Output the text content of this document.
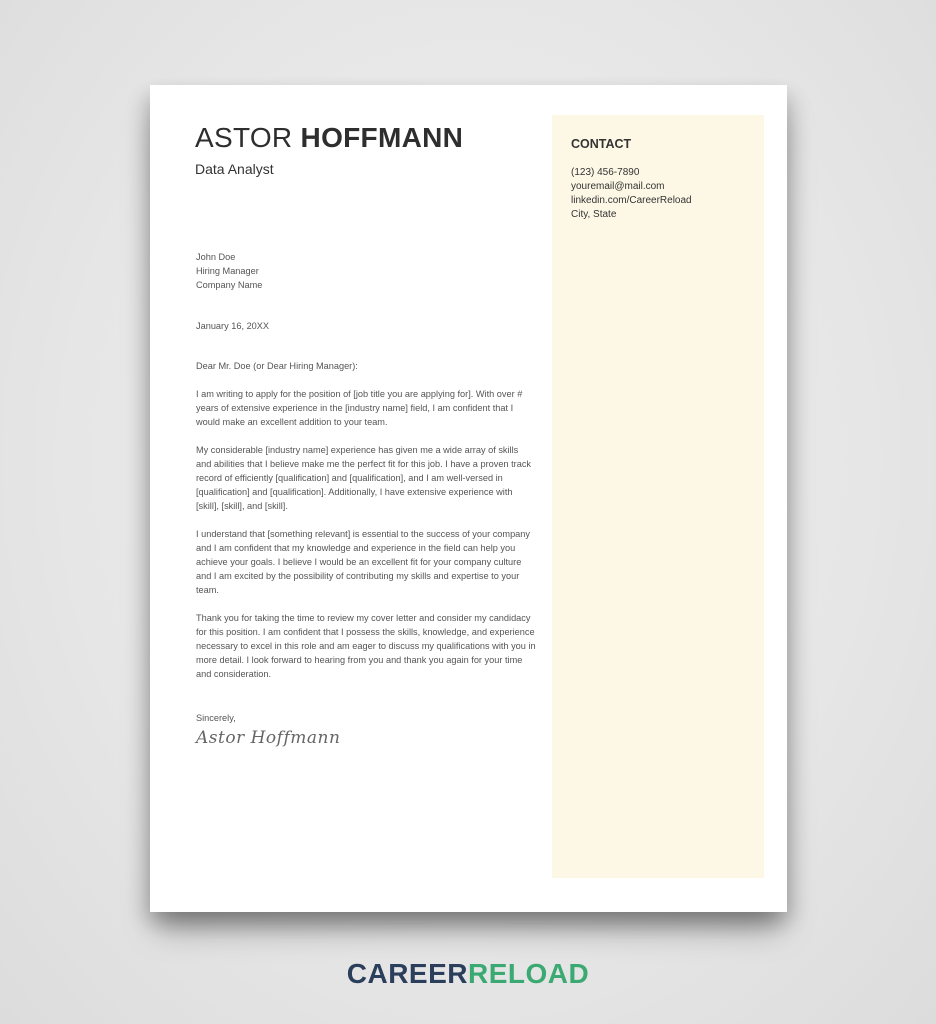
ASTOR HOFFMANN
Data Analyst

John Doe
Hiring Manager
Company Name

January 16, 20XX

Dear Mr. Doe (or Dear Hiring Manager):

I am writing to apply for the position of [job title you are applying for]. With over # years of extensive experience in the [industry name] field, I am confident that I would make an excellent addition to your team.

My considerable [industry name] experience has given me a wide array of skills and abilities that I believe make me the perfect fit for this job. I have a proven track record of efficiently [qualification] and [qualification], and I am well-versed in [qualification] and [qualification]. Additionally, I have extensive experience with [skill], [skill], and [skill].

I understand that [something relevant] is essential to the success of your company and I am confident that my knowledge and experience in the field can help you achieve your goals. I believe I would be an excellent fit for your company culture and I am excited by the possibility of contributing my skills and expertise to your team.

Thank you for taking the time to review my cover letter and consider my candidacy for this position. I am confident that I possess the skills, knowledge, and experience necessary to excel in this role and am eager to discuss my qualifications with you in more detail. I look forward to hearing from you and thank you again for your time and consideration.

Sincerely,

Astor Hoffmann

CONTACT
(123) 456-7890
youremail@mail.com
linkedin.com/CareerReload
City, State
CAREERRELOAD
